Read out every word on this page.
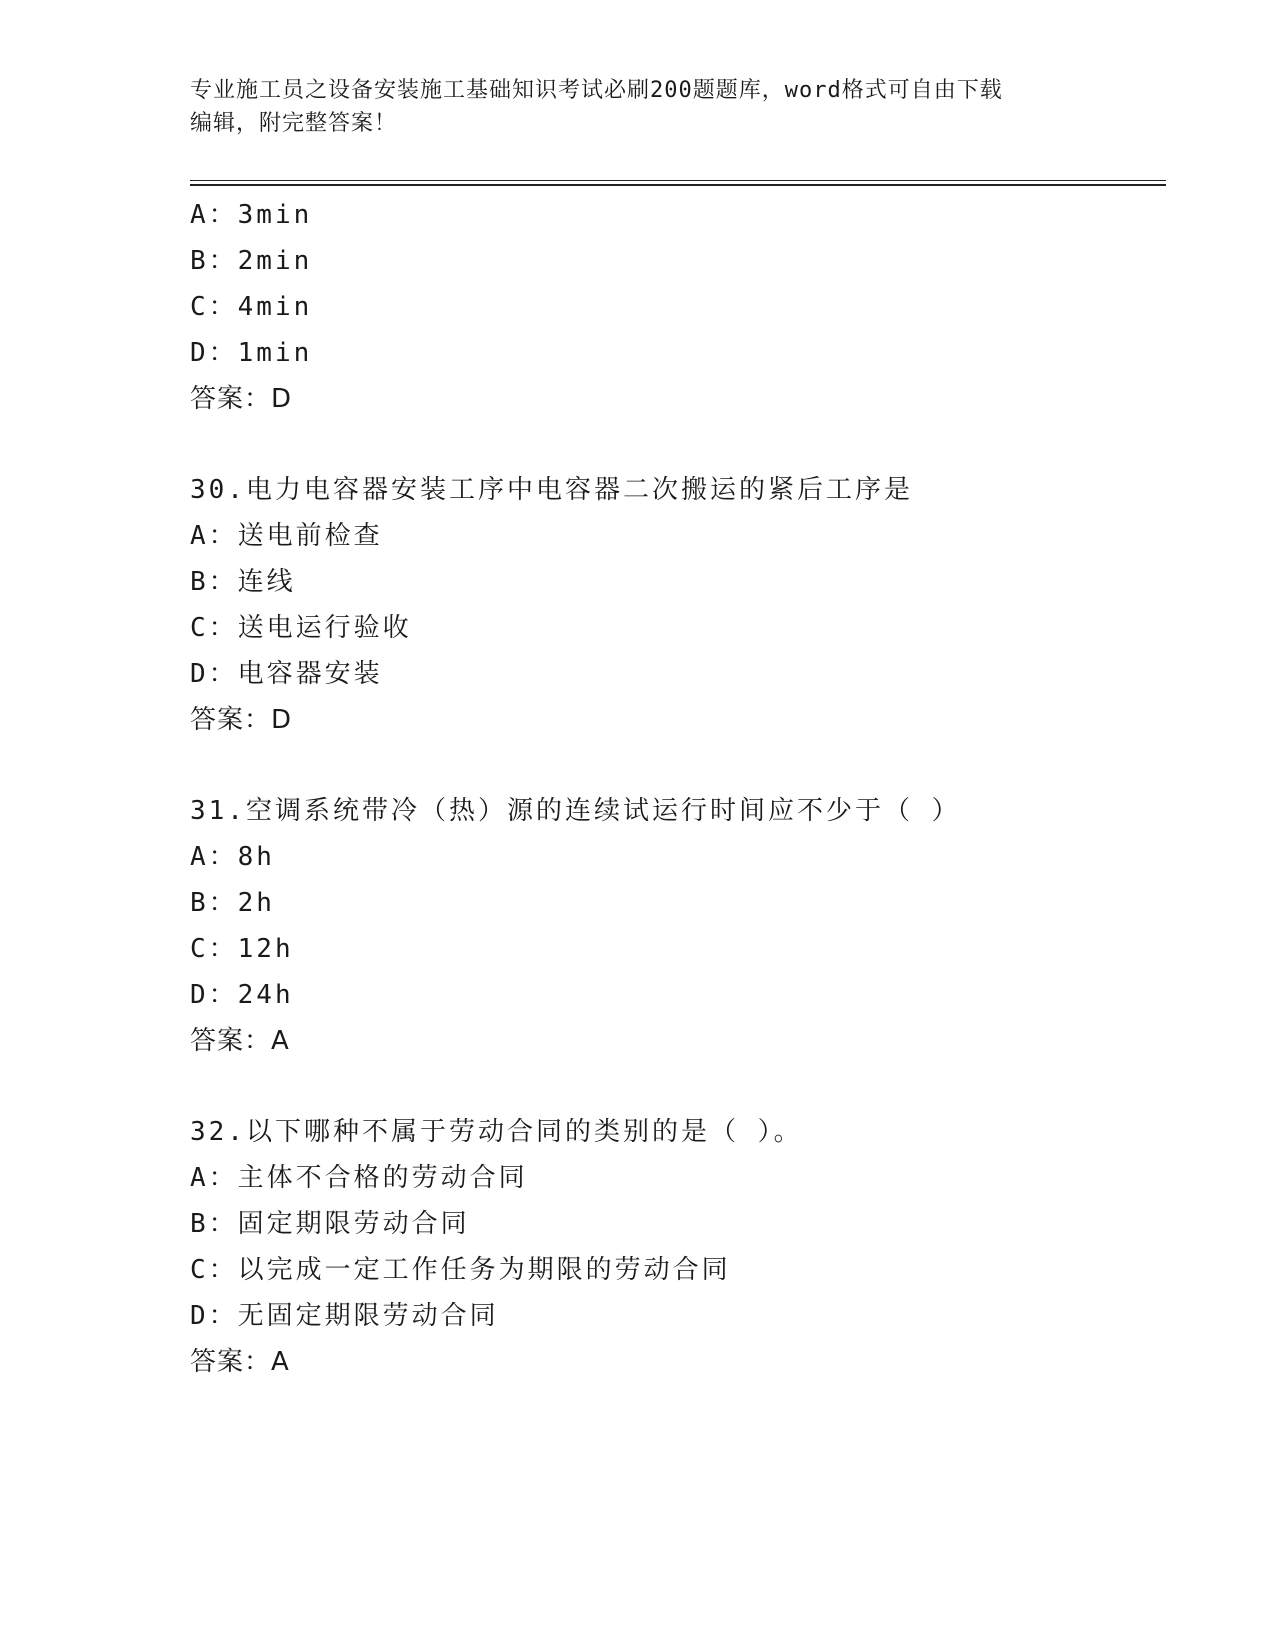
专业施工员之设备安装施工基础知识考试必刷200题题库，word格式可自由下载
编辑，附完整答案！
A：3min
B：2min
C：4min
D：1min
答案：D

30.电力电容器安装工序中电容器二次搬运的紧后工序是

A：送电前检查
B：连线
C：送电运行验收
D：电容器安装
答案：D

31.空调系统带冷（热）源的连续试运行时间应不少于（ ）

A：8h
B：2h
C：12h
D：24h
答案：A

32.以下哪种不属于劳动合同的类别的是（ ）。

A：主体不合格的劳动合同
B：固定期限劳动合同
C：以完成一定工作任务为期限的劳动合同
D：无固定期限劳动合同
答案：A
